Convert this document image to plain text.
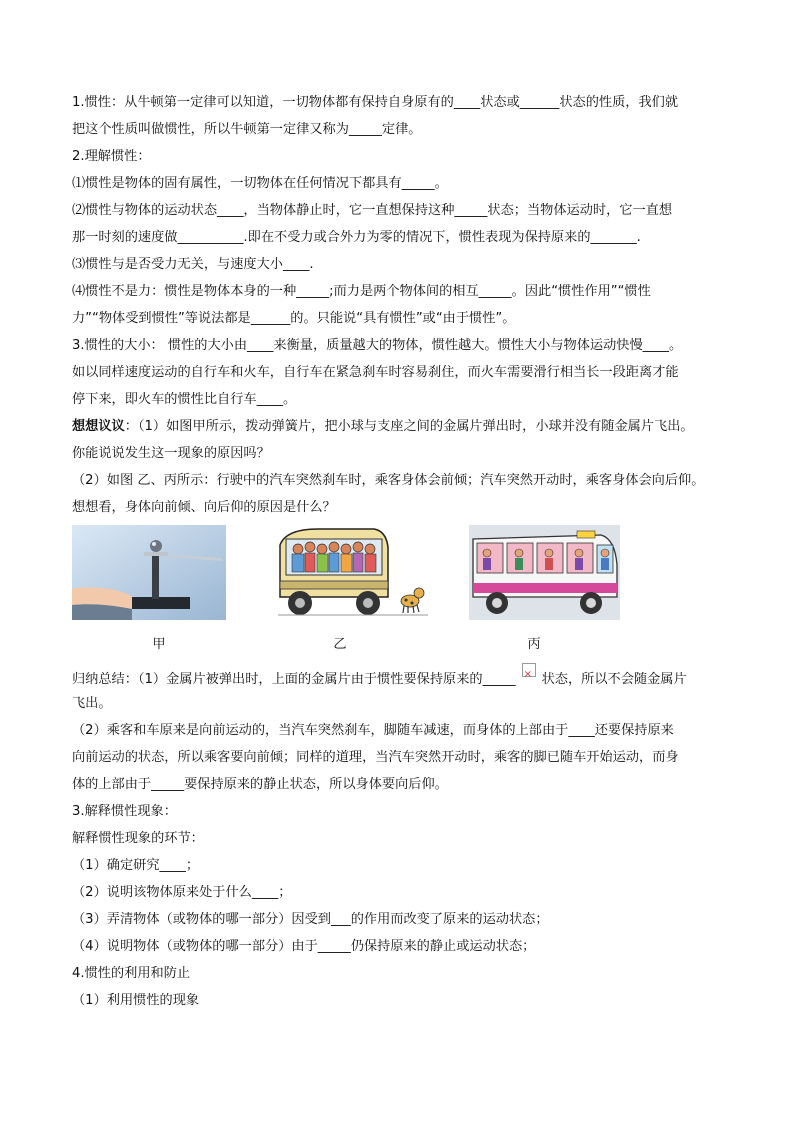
1.惯性：从牛顿第一定律可以知道，一切物体都有保持自身原有的____状态或______状态的性质，我们就

把这个性质叫做惯性，所以牛顿第一定律又称为_____定律。

2.理解惯性：

⑴惯性是物体的固有属性，一切物体在任何情况下都具有_____。

⑵惯性与物体的运动状态____，当物体静止时，它一直想保持这种_____状态；当物体运动时，它一直想

那一时刻的速度做__________.即在不受力或合外力为零的情况下，惯性表现为保持原来的_______.

⑶惯性与是否受力无关，与速度大小____.

⑷惯性不是力：惯性是物体本身的一种_____;而力是两个物体间的相互_____。因此“惯性作用”“惯性

力”“物体受到惯性”等说法都是______的。只能说“具有惯性”或“由于惯性”。

3.惯性的大小： 惯性的大小由____来衡量，质量越大的物体，惯性越大。惯性大小与物体运动快慢____。

如以同样速度运动的自行车和火车，自行车在紧急刹车时容易刹住，而火车需要滑行相当长一段距离才能

停下来，即火车的惯性比自行车____。

想想议议：（1）如图甲所示，拨动弹簧片，把小球与支座之间的金属片弹出时，小球并没有随金属片飞出。

你能说说发生这一现象的原因吗？

（2）如图 乙、丙所示：行驶中的汽车突然刹车时，乘客身体会前倾；汽车突然开动时，乘客身体会向后仰。

想想看，身体向前倾、向后仰的原因是什么？

甲	乙	丙

归纳总结：（1）金属片被弹出时，上面的金属片由于惯性要保持原来的_____× 状态，所以不会随金属片

飞出。

（2）乘客和车原来是向前运动的，当汽车突然刹车，脚随车减速，而身体的上部由于____还要保持原来

向前运动的状态，所以乘客要向前倾；同样的道理，当汽车突然开动时，乘客的脚已随车开始运动，而身

体的上部由于_____要保持原来的静止状态，所以身体要向后仰。

3.解释惯性现象：

解释惯性现象的环节：

（1）确定研究____；

（2）说明该物体原来处于什么____；

（3）弄清物体（或物体的哪一部分）因受到___的作用而改变了原来的运动状态；

（4）说明物体（或物体的哪一部分）由于_____仍保持原来的静止或运动状态；

4.惯性的利用和防止

（1）利用惯性的现象
